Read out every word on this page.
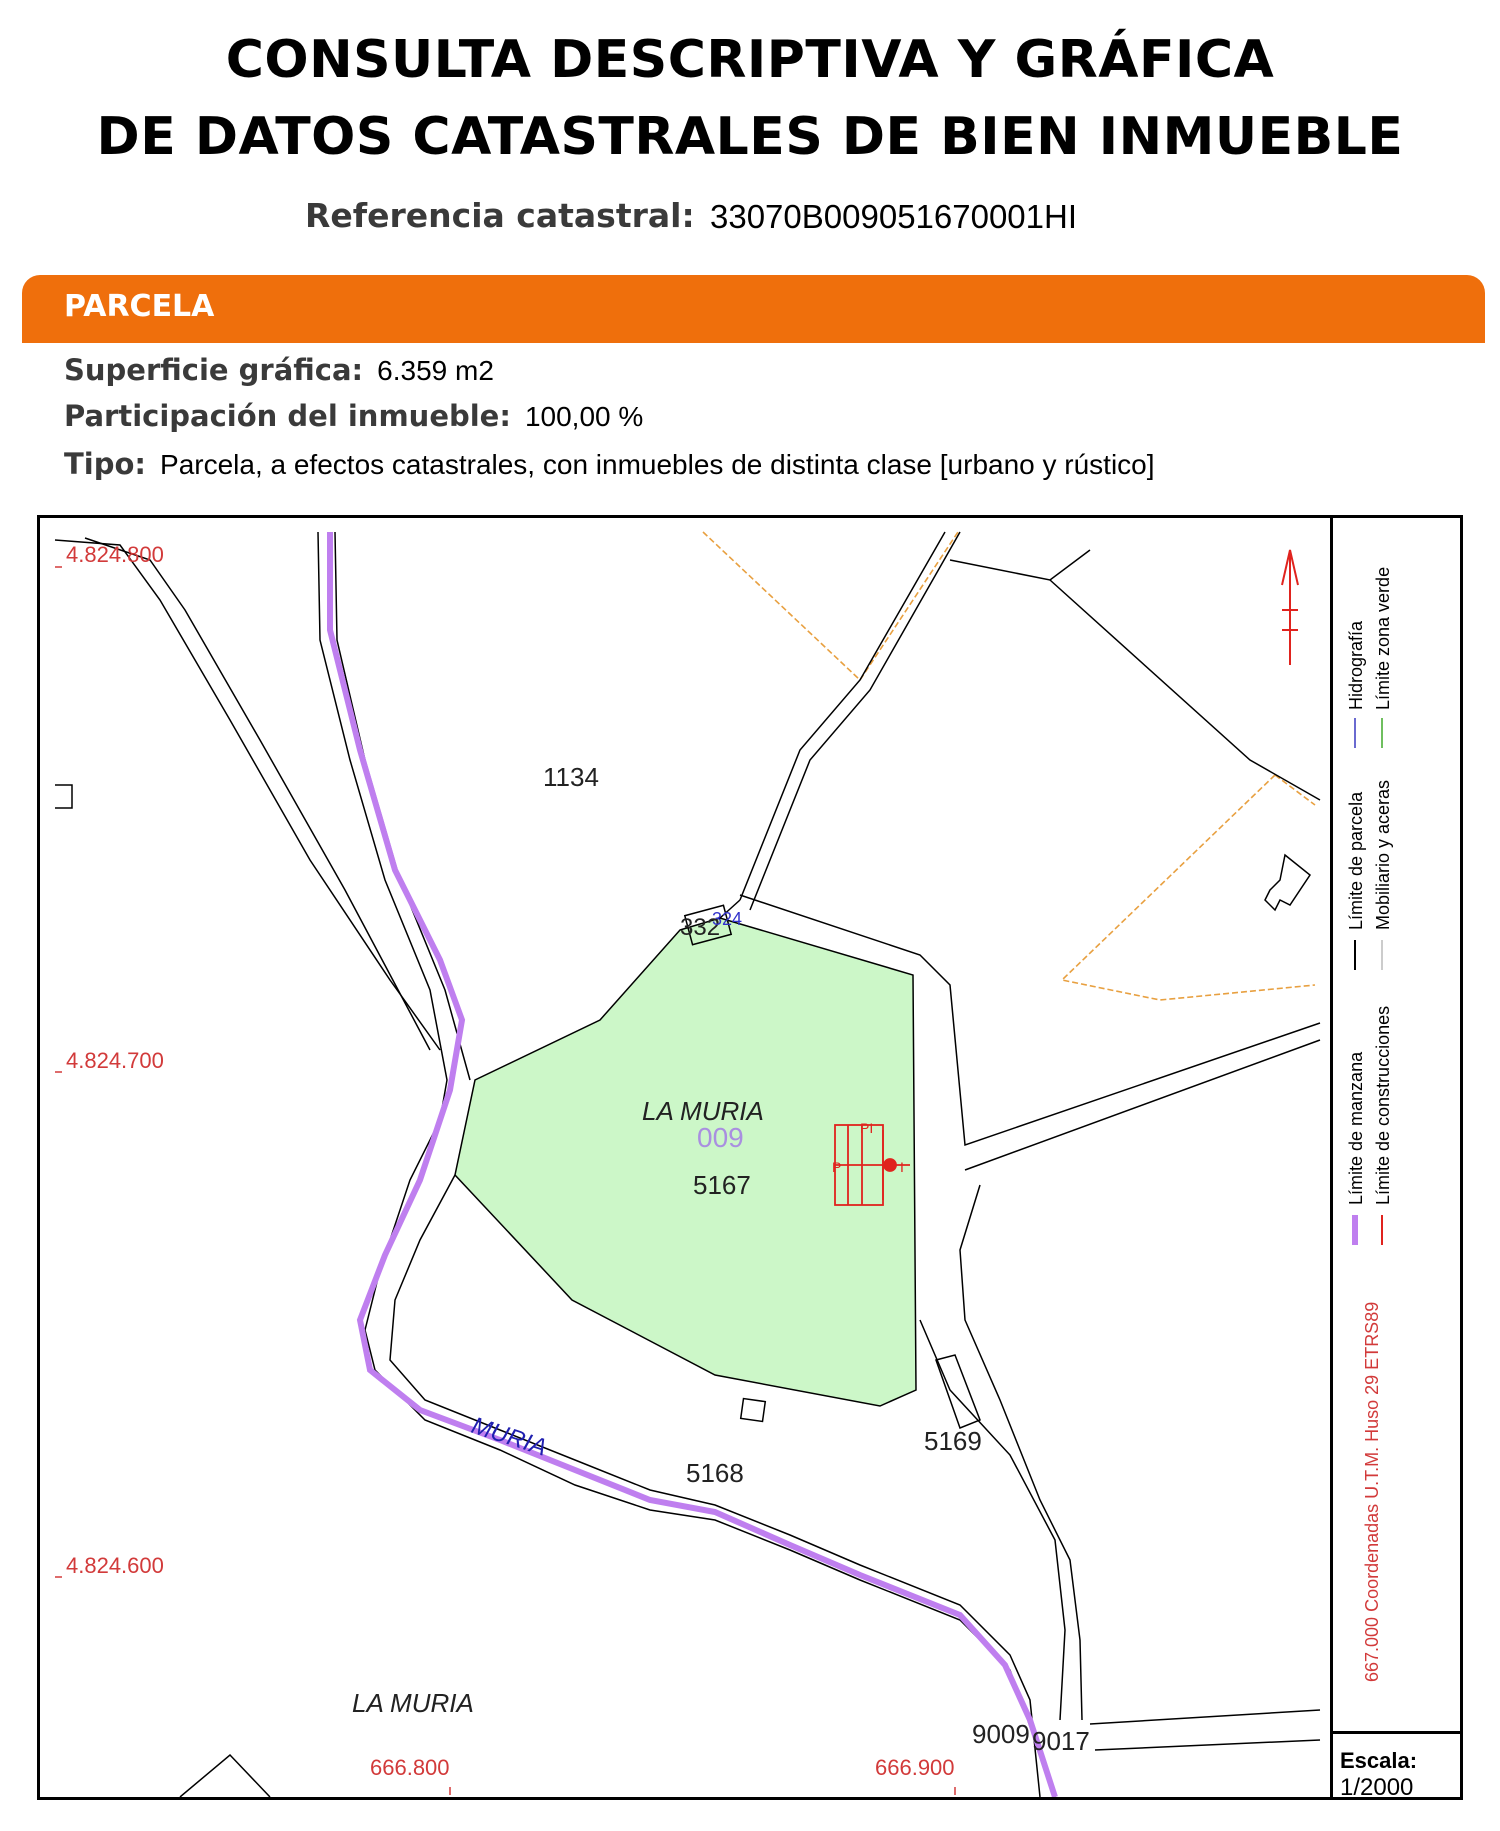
CONSULTA DESCRIPTIVA Y GRÁFICA
DE DATOS CATASTRALES DE BIEN INMUEBLE
Referencia catastral: 33070B009051670001HI
PARCELA
Superficie gráfica: 6.359 m2
Participación del inmueble: 100,00 %
Tipo: Parcela, a efectos catastrales, con inmuebles de distinta clase [urbano y rústico]
4.824.800
4.824.700
4.824.600
666.800	666.900
1134
332
324
LA MURIA
009
5167
MURIA
5168
5169
LA MURIA
9009 9017
P
PI
I	Límite de manzana Límite de construcciones
Límite de parcela Mobiliario y aceras
Hidrografía Límite zona verde
667.000 Coordenadas U.T.M. Huso 29 ETRS89
Escala:
1/2000
